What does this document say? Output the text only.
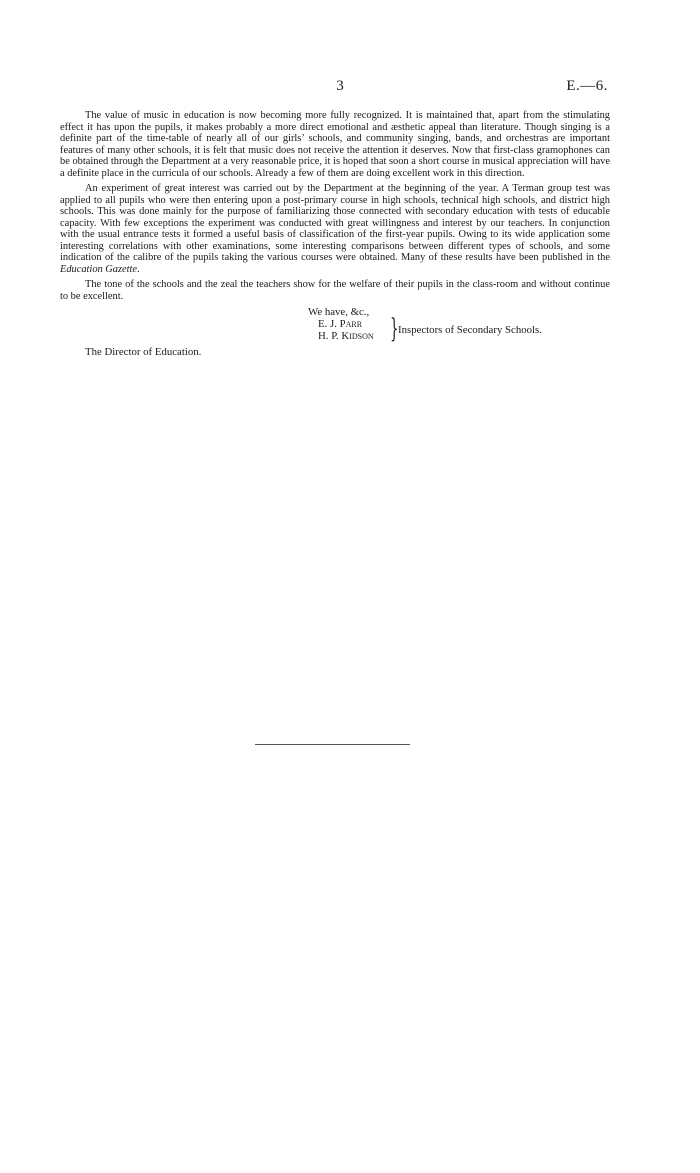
3	E.—6.

The value of music in education is now becoming more fully recognized. It is maintained that, apart from the stimulating effect it has upon the pupils, it makes probably a more direct emotional and æsthetic appeal than literature. Though singing is a definite part of the time-table of nearly all of our girls’ schools, and community singing, bands, and orchestras are important features of many other schools, it is felt that music does not receive the attention it deserves. Now that first-class gramophones can be obtained through the Department at a very reasonable price, it is hoped that soon a short course in musical appreciation will have a definite place in the curricula of our schools. Already a few of them are doing excellent work in this direction.

An experiment of great interest was carried out by the Department at the beginning of the year. A Terman group test was applied to all pupils who were then entering upon a post-primary course in high schools, technical high schools, and district high schools. This was done mainly for the purpose of familiarizing those connected with secondary education with tests of educable capacity. With few exceptions the experiment was conducted with great willingness and interest by our teachers. In conjunction with the usual entrance tests it formed a useful basis of classification of the first-year pupils. Owing to its wide application some interesting correlations with other examinations, some interesting comparisons between different types of schools, and some indication of the calibre of the pupils taking the various courses were obtained. Many of these results have been published in the Education Gazette.

The tone of the schools and the zeal the teachers show for the welfare of their pupils in the class-room and without continue to be excellent.

We have, &c.,
E. J. Parr
H. P. Kidson } Inspectors of Secondary Schools.
The Director of Education.
